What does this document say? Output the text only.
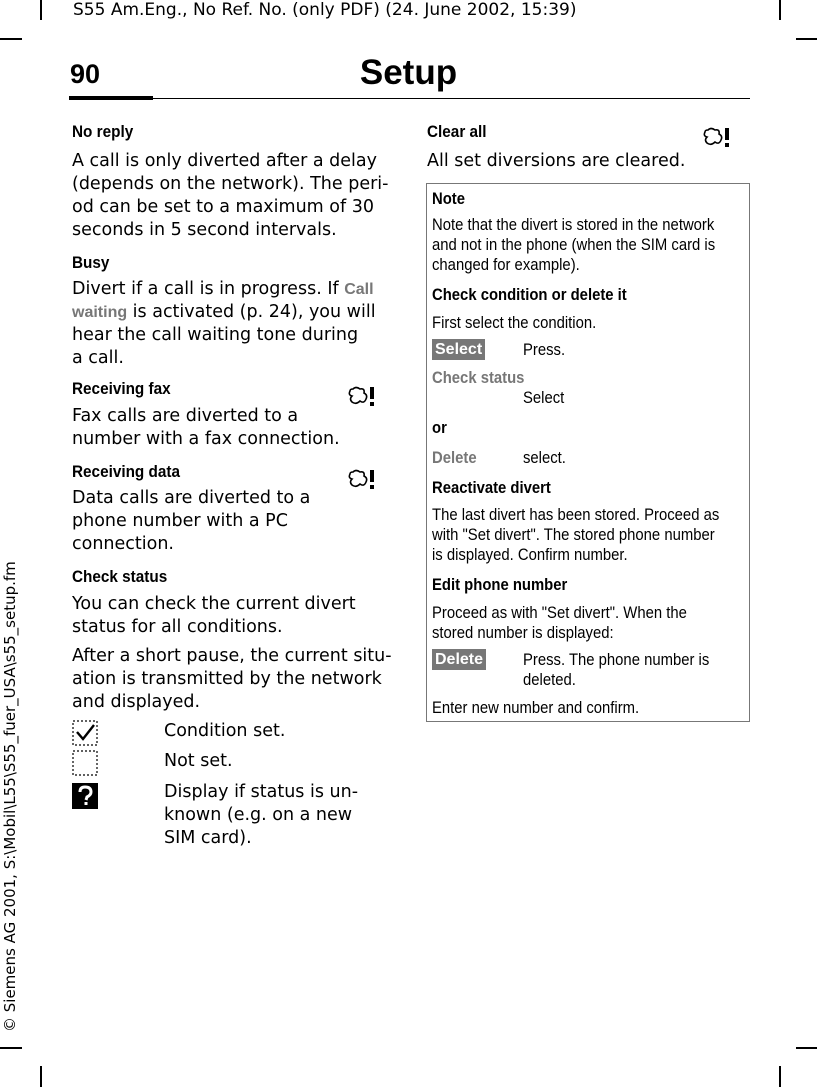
S55 Am.Eng., No Ref. No. (only PDF) (24. June 2002, 15:39)
Setup
90
© Siemens AG 2001, S:\Mobil\L55\S55_fuer_USA\s55_setup.fm
No reply
A call is only diverted after a delay
(depends on the network). The peri-
od can be set to a maximum of 30
seconds in 5 second intervals.
Busy
Divert if a call is in progress. If Call
waiting is activated (p. 24), you will
hear the call waiting tone during
a call.
Receiving fax
Fax calls are diverted to a
number with a fax connection.
Receiving data
Data calls are diverted to a
phone number with a PC
connection.
Check status
You can check the current divert
status for all conditions.
After a short pause, the current situ-
ation is transmitted by the network
and displayed.
Condition set.
Not set.
Display if status is un-
known (e.g. on a new
SIM card).
Clear all
All set diversions are cleared.
Note
Note that the divert is stored in the network
and not in the phone (when the SIM card is
changed for example).
Check condition or delete it
First select the condition.
Select Press.
Check status
Select
or
Delete	select.
Reactivate divert
The last divert has been stored. Proceed as
with "Set divert". The stored phone number
is displayed. Confirm number.
Edit phone number
Proceed as with "Set divert". When the
stored number is displayed:
Delete Press. The phone number is
deleted.
Enter new number and confirm.
